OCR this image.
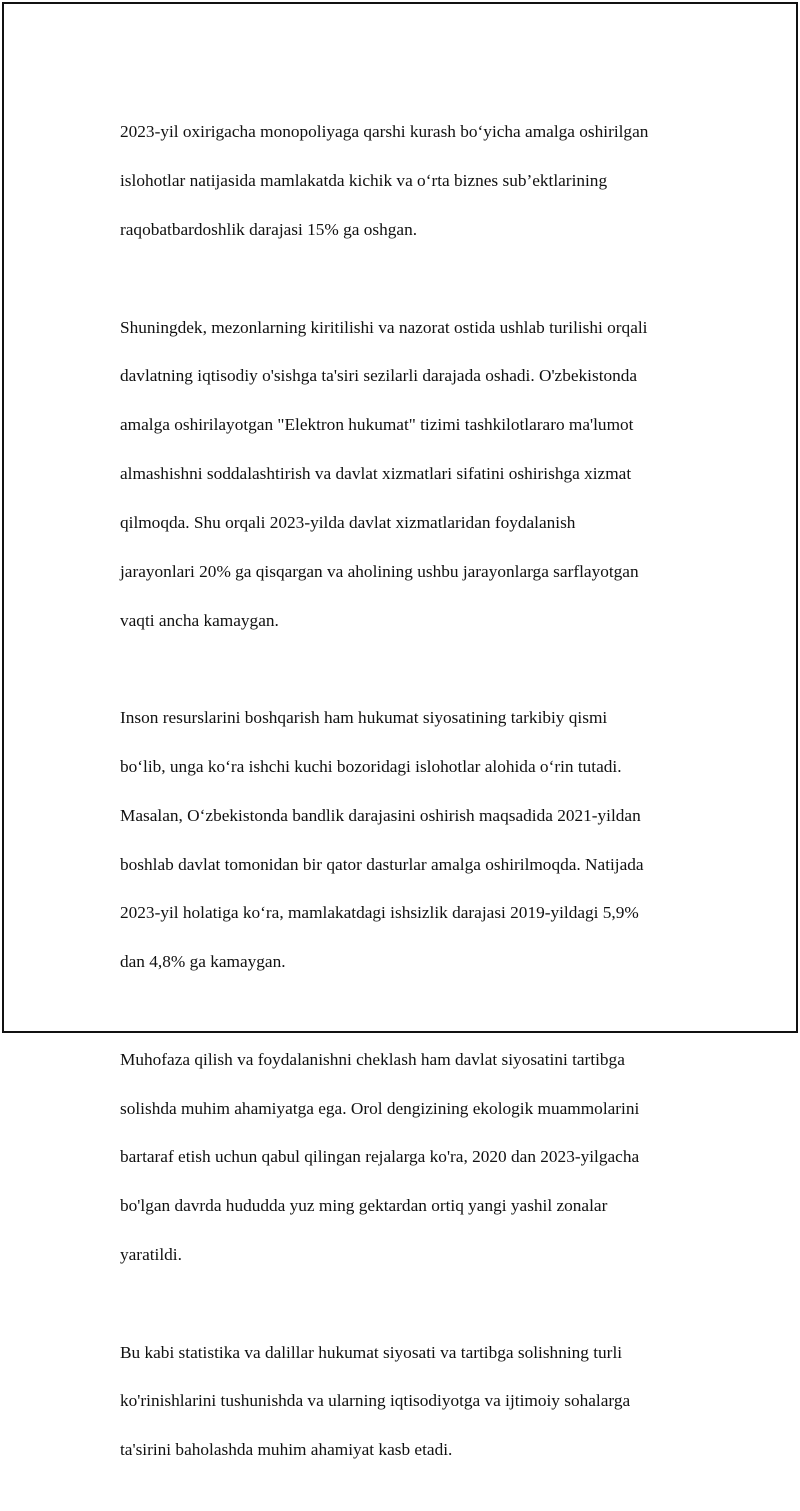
2023-yil oxirigacha monopoliyaga qarshi kurash bo‘yicha amalga oshirilgan

islohotlar natijasida mamlakatda kichik va o‘rta biznes sub’ektlarining

raqobatbardoshlik darajasi 15% ga oshgan.

Shuningdek, mezonlarning kiritilishi va nazorat ostida ushlab turilishi orqali

davlatning iqtisodiy o'sishga ta'siri sezilarli darajada oshadi. O'zbekistonda

amalga oshirilayotgan "Elektron hukumat" tizimi tashkilotlararo ma'lumot

almashishni soddalashtirish va davlat xizmatlari sifatini oshirishga xizmat

qilmoqda. Shu orqali 2023-yilda davlat xizmatlaridan foydalanish

jarayonlari 20% ga qisqargan va aholining ushbu jarayonlarga sarflayotgan

vaqti ancha kamaygan.

Inson resurslarini boshqarish ham hukumat siyosatining tarkibiy qismi

bo‘lib, unga ko‘ra ishchi kuchi bozoridagi islohotlar alohida o‘rin tutadi.

Masalan, O‘zbekistonda bandlik darajasini oshirish maqsadida 2021-yildan

boshlab davlat tomonidan bir qator dasturlar amalga oshirilmoqda. Natijada

2023-yil holatiga ko‘ra, mamlakatdagi ishsizlik darajasi 2019-yildagi 5,9%

dan 4,8% ga kamaygan.

Muhofaza qilish va foydalanishni cheklash ham davlat siyosatini tartibga

solishda muhim ahamiyatga ega. Orol dengizining ekologik muammolarini

bartaraf etish uchun qabul qilingan rejalarga ko'ra, 2020 dan 2023-yilgacha

bo'lgan davrda hududda yuz ming gektardan ortiq yangi yashil zonalar

yaratildi.

Bu kabi statistika va dalillar hukumat siyosati va tartibga solishning turli

ko'rinishlarini tushunishda va ularning iqtisodiyotga va ijtimoiy sohalarga

ta'sirini baholashda muhim ahamiyat kasb etadi.
